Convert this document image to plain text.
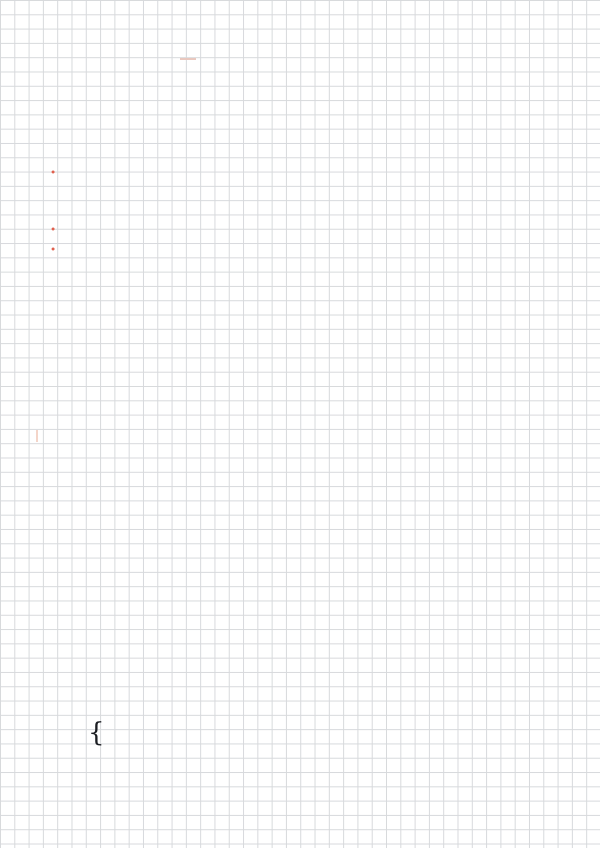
•
•
•
{
